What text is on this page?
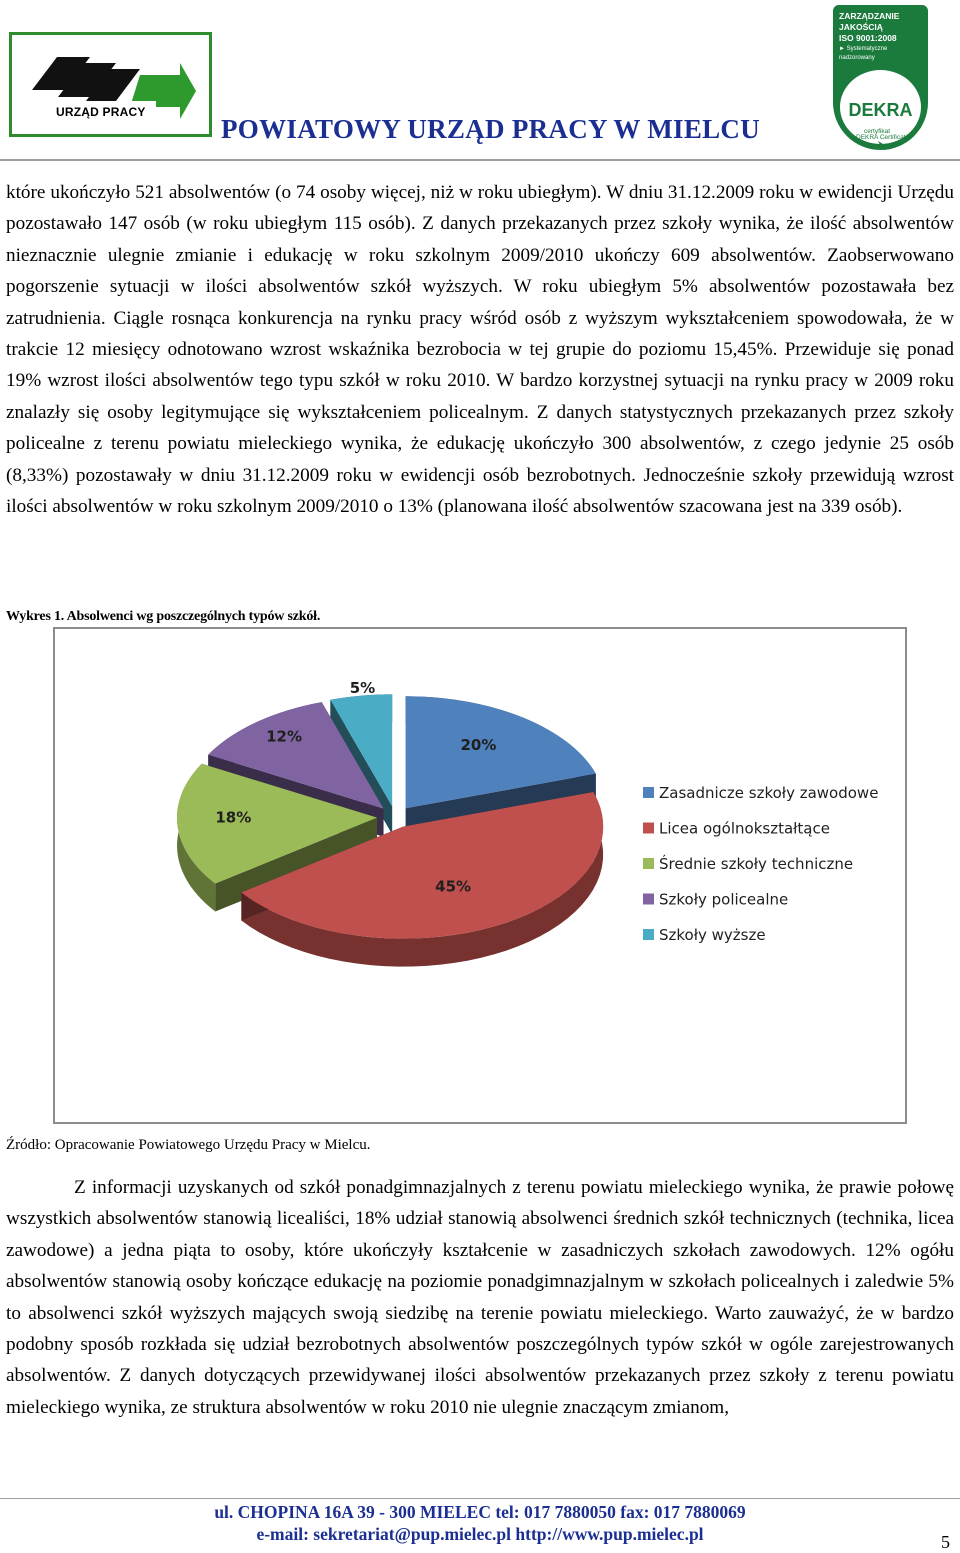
URZĄD PRACY
POWIATOWY URZĄD PRACY W MIELCU
ZARZĄDZANIE
JAKOŚCIĄ
ISO 9001:2008
► Systematyczne
nadzorowany
DEKRA Certification
DEKRA
certyfikat

które ukończyło 521 absolwentów (o 74 osoby więcej, niż w roku ubiegłym). W dniu 31.12.2009 roku w ewidencji Urzędu pozostawało 147 osób (w roku ubiegłym 115 osób). Z danych przekazanych przez szkoły wynika, że ilość absolwentów nieznacznie ulegnie zmianie i edukację w roku szkolnym 2009/2010 ukończy 609 absolwentów. Zaobserwowano pogorszenie sytuacji w ilości absolwentów szkół wyższych. W roku ubiegłym 5% absolwentów pozostawała bez zatrudnienia. Ciągle rosnąca konkurencja na rynku pracy wśród osób z wyższym wykształceniem spowodowała, że w trakcie 12 miesięcy odnotowano wzrost wskaźnika bezrobocia w tej grupie do poziomu 15,45%. Przewiduje się ponad 19% wzrost ilości absolwentów tego typu szkół w roku 2010. W bardzo korzystnej sytuacji na rynku pracy w 2009 roku znalazły się osoby legitymujące się wykształceniem policealnym. Z danych statystycznych przekazanych przez szkoły policealne z terenu powiatu mieleckiego wynika, że edukację ukończyło 300 absolwentów, z czego jedynie 25 osób (8,33%) pozostawały w dniu 31.12.2009 roku w ewidencji osób bezrobotnych. Jednocześnie szkoły przewidują wzrost ilości absolwentów w roku szkolnym 2009/2010 o 13% (planowana ilość absolwentów szacowana jest na 339 osób).

Wykres 1. Absolwenci wg poszczególnych typów szkół.
20%
45%
18%
12%
5%
Zasadnicze szkoły zawodowe
Licea ogólnokształtące
Średnie szkoły techniczne
Szkoły policealne
Szkoły wyższe
Źródło: Opracowanie Powiatowego Urzędu Pracy w Mielcu.

Z informacji uzyskanych od szkół ponadgimnazjalnych z terenu powiatu mieleckiego wynika, że prawie połowę wszystkich absolwentów stanowią licealiści, 18% udział stanowią absolwenci średnich szkół technicznych (technika, licea zawodowe) a jedna piąta to osoby, które ukończyły kształcenie w zasadniczych szkołach zawodowych. 12% ogółu absolwentów stanowią osoby kończące edukację na poziomie ponadgimnazjalnym w szkołach policealnych i zaledwie 5% to absolwenci szkół wyższych mających swoją siedzibę na terenie powiatu mieleckiego. Warto zauważyć, że w bardzo podobny sposób rozkłada się udział bezrobotnych absolwentów poszczególnych typów szkół w ogóle zarejestrowanych absolwentów. Z danych dotyczących przewidywanej ilości absolwentów przekazanych przez szkoły z terenu powiatu mieleckiego wynika, ze struktura absolwentów w roku 2010 nie ulegnie znaczącym zmianom,

ul. CHOPINA 16A 39 - 300 MIELEC tel: 017 7880050 fax: 017 7880069
e-mail: sekretariat@pup.mielec.pl http://www.pup.mielec.pl	5
